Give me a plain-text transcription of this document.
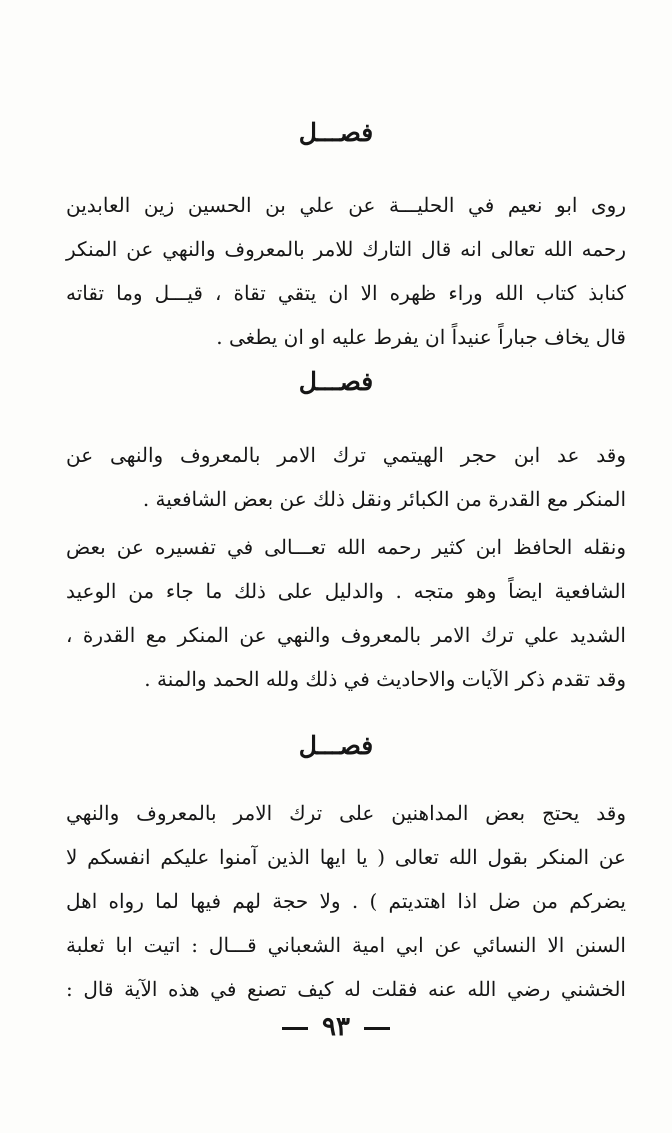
فصـــل
روى ابو نعيم في الحليـــة عن علي بن الحسين زين العابدين
رحمه الله تعالى انه قال التارك للامر بالمعروف والنهي عن المنكر
كنابذ كتاب الله وراء ظهره الا ان يتقي تقاة ، قيـــل وما تقاته
قال يخاف جباراً عنيداً ان يفرط عليه او ان يطغى .
فصـــل
وقد عد ابن حجر الهيتمي ترك الامر بالمعروف والنهى عن
المنكر مع القدرة من الكبائر ونقل ذلك عن بعض الشافعية .
ونقله الحافظ ابن كثير رحمه الله تعـــالى في تفسيره عن بعض
الشافعية ايضاً وهو متجه . والدليل على ذلك ما جاء من الوعيد
الشديد علي ترك الامر بالمعروف والنهي عن المنكر مع القدرة ،
وقد تقدم ذكر الآيات والاحاديث في ذلك ولله الحمد والمنة .
فصـــل
وقد يحتج بعض المداهنين على ترك الامر بالمعروف والنهي
عن المنكر بقول الله تعالى ( يا ايها الذين آمنوا عليكم انفسكم لا
يضركم من ضل اذا اهتديتم ) . ولا حجة لهم فيها لما رواه اهل
السنن الا النسائي عن ابي امية الشعباني قـــال : اتيت ابا ثعلبة
الخشني رضي الله عنه فقلت له كيف تصنع في هذه الآية قال :
٩٣
